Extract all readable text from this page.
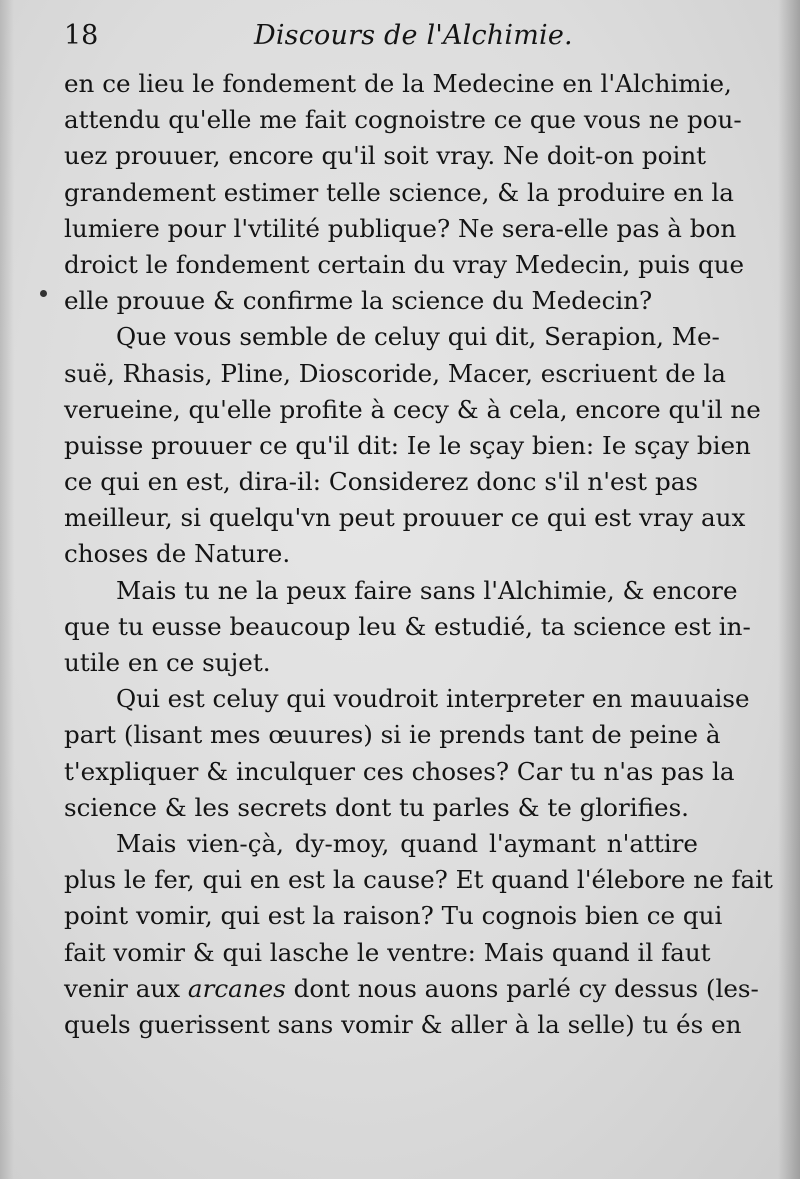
18	Discours de l'Alchimie.
en ce lieu le fondement de la Medecine en l'Alchimie,
attendu qu'elle me fait cognoistre ce que vous ne pou-
uez prouuer, encore qu'il soit vray. Ne doit-on point
grandement estimer telle science, & la produire en la
lumiere pour l'vtilité publique? Ne sera-elle pas à bon
droict le fondement certain du vray Medecin, puis que
elle prouue & confirme la science du Medecin?
Que vous semble de celuy qui dit, Serapion, Me-
suë, Rhasis, Pline, Dioscoride, Macer, escriuent de la
verueine, qu'elle profite à cecy & à cela, encore qu'il ne
puisse prouuer ce qu'il dit: Ie le sçay bien: Ie sçay bien
ce qui en est, dira-il: Considerez donc s'il n'est pas
meilleur, si quelqu'vn peut prouuer ce qui est vray aux
choses de Nature.
Mais tu ne la peux faire sans l'Alchimie, & encore
que tu eusse beaucoup leu & estudié, ta science est in-
utile en ce sujet.
Qui est celuy qui voudroit interpreter en mauuaise
part (lisant mes œuures) si ie prends tant de peine à
t'expliquer & inculquer ces choses? Car tu n'as pas la
science & les secrets dont tu parles & te glorifies.
Mais vien-çà, dy-moy, quand l'aymant n'attire
plus le fer, qui en est la cause? Et quand l'élebore ne fait
point vomir, qui est la raison? Tu cognois bien ce qui
fait vomir & qui lasche le ventre: Mais quand il faut
venir aux arcanes dont nous auons parlé cy dessus (les-
quels guerissent sans vomir & aller à la selle) tu és en
